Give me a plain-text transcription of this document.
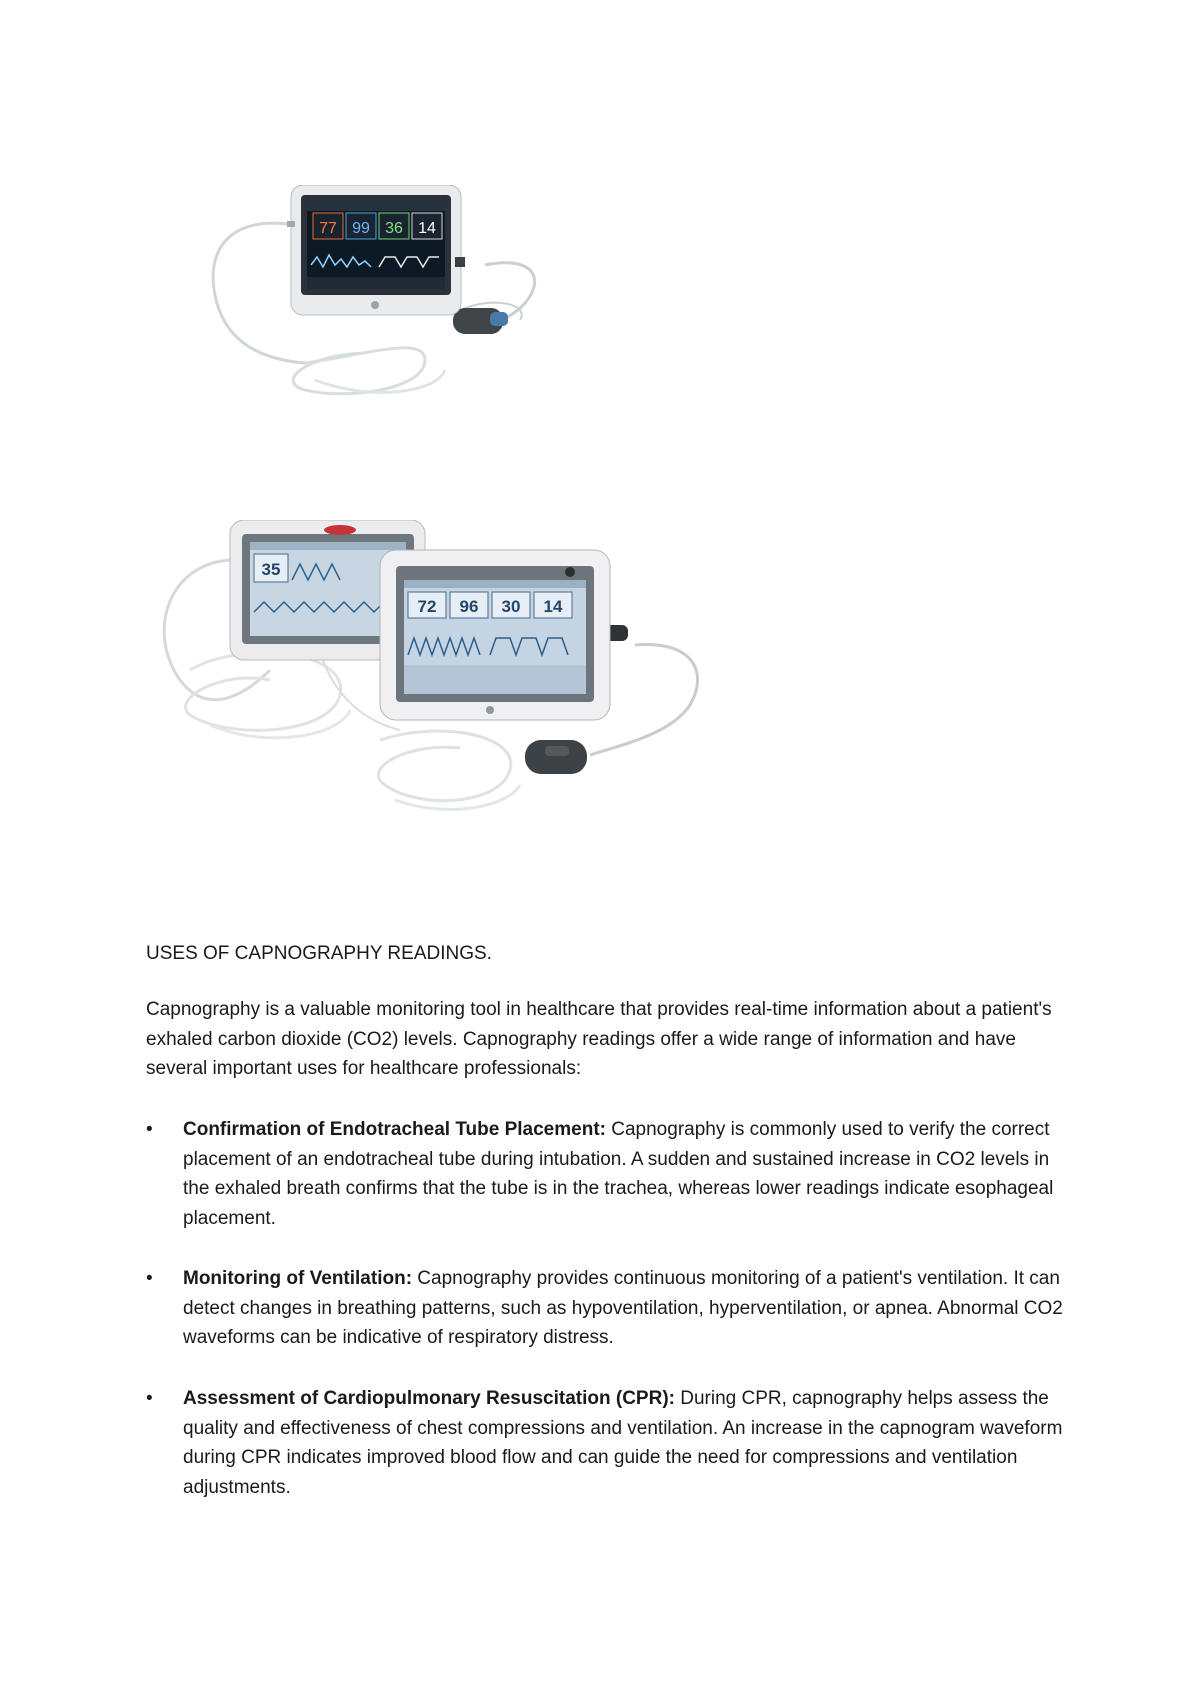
77 99 36 14
35
72 96 30 14
USES OF CAPNOGRAPHY READINGS.
Capnography is a valuable monitoring tool in healthcare that provides real-time information about a patient's exhaled carbon dioxide (CO2) levels. Capnography readings offer a wide range of information and have several important uses for healthcare professionals:
• Confirmation of Endotracheal Tube Placement: Capnography is commonly used to verify the correct placement of an endotracheal tube during intubation. A sudden and sustained increase in CO2 levels in the exhaled breath confirms that the tube is in the trachea, whereas lower readings indicate esophageal placement.
• Monitoring of Ventilation: Capnography provides continuous monitoring of a patient's ventilation. It can detect changes in breathing patterns, such as hypoventilation, hyperventilation, or apnea. Abnormal CO2 waveforms can be indicative of respiratory distress.
• Assessment of Cardiopulmonary Resuscitation (CPR): During CPR, capnography helps assess the quality and effectiveness of chest compressions and ventilation. An increase in the capnogram waveform during CPR indicates improved blood flow and can guide the need for compressions and ventilation adjustments.
